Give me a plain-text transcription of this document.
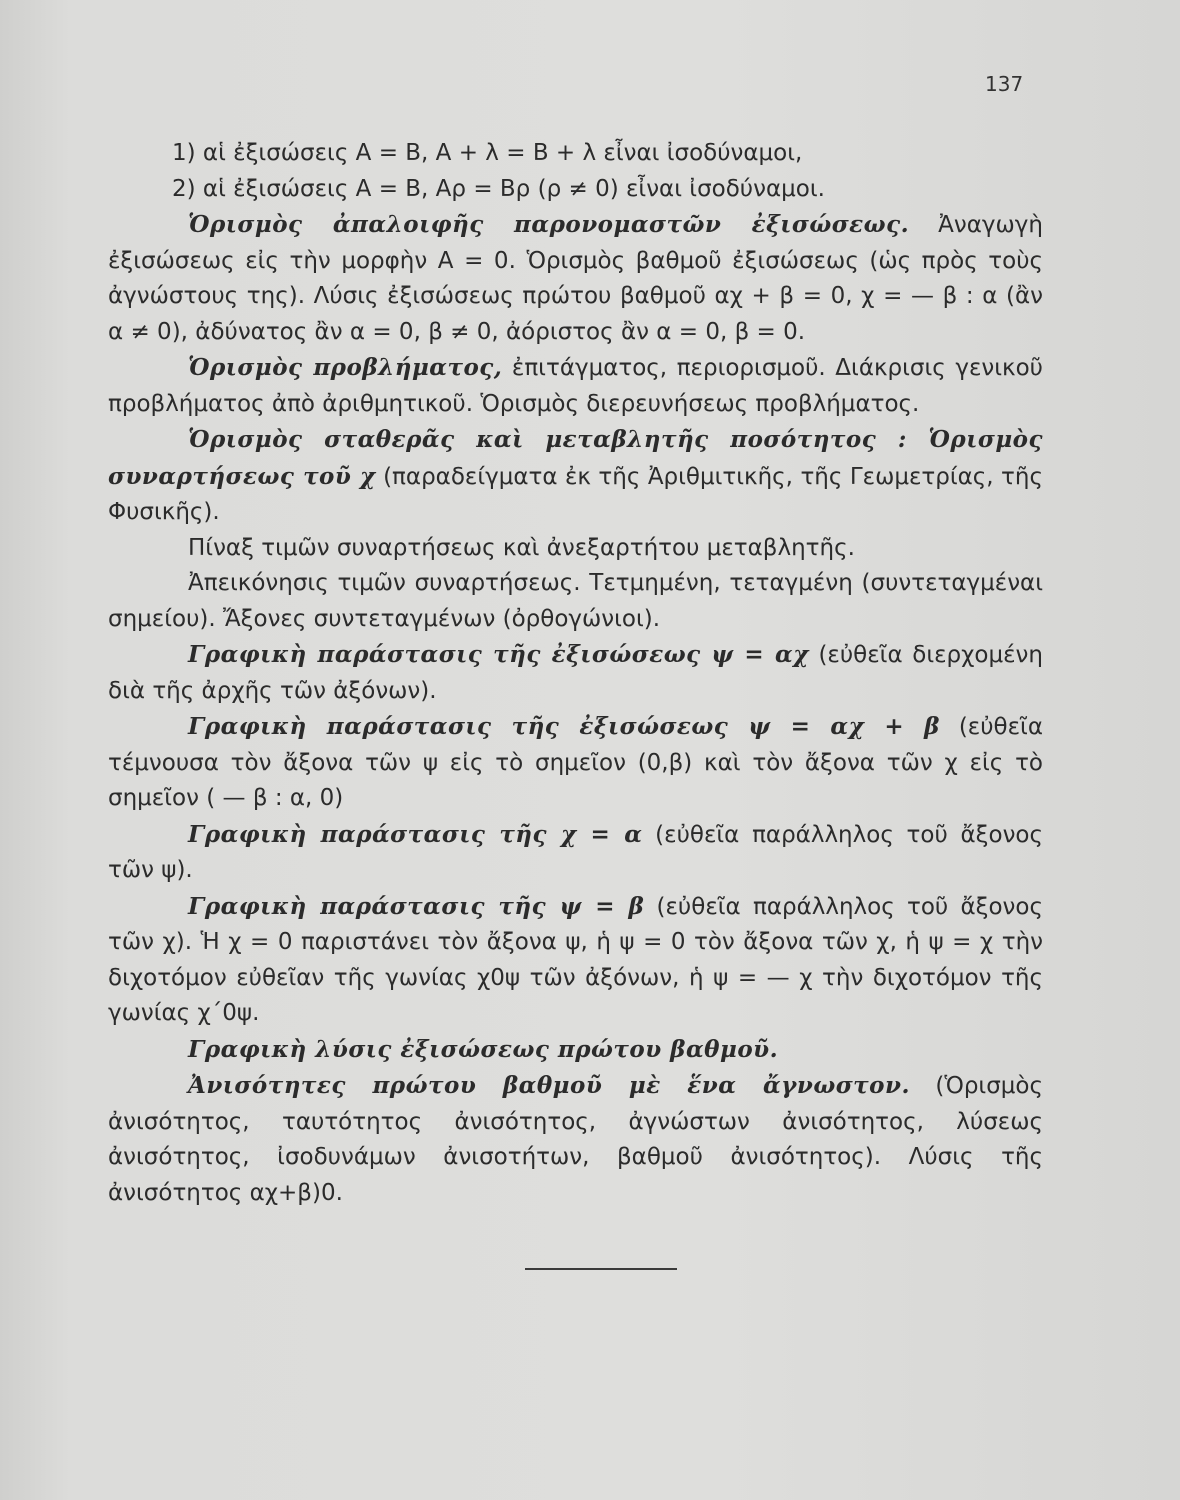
137

1) αἱ ἐξισώσεις Α = Β, Α + λ = Β + λ εἶναι ἰσοδύναμοι,

2) αἱ ἐξισώσεις Α = Β, Αρ = Βρ (ρ ≠ 0) εἶναι ἰσοδύναμοι.

Ὁρισμὸς ἀπαλοιφῆς παρονομαστῶν ἐξισώσεως. Ἀναγωγὴ ἐξισώσεως εἰς τὴν μορφὴν Α = 0. Ὁρισμὸς βαθμοῦ ἐξισώσεως (ὡς πρὸς τοὺς ἀγνώστους της). Λύσις ἐξισώσεως πρώτου βαθμοῦ αχ + β = 0, χ = — β : α (ἂν α ≠ 0), ἀδύνατος ἂν α = 0, β ≠ 0, ἀόριστος ἂν α = 0, β = 0.

Ὁρισμὸς προβλήματος, ἐπιτάγματος, περιορισμοῦ. Διάκρισις γενικοῦ προβλήματος ἀπὸ ἀριθμητικοῦ. Ὁρισμὸς διερευνήσεως προβλήματος.

Ὁρισμὸς σταθερᾶς καὶ μεταβλητῆς ποσότητος : Ὁρισμὸς συναρτήσεως τοῦ χ (παραδείγματα ἐκ τῆς Ἀριθμιτικῆς, τῆς Γεωμετρίας, τῆς Φυσικῆς).

Πίναξ τιμῶν συναρτήσεως καὶ ἀνεξαρτήτου μεταβλητῆς.

Ἀπεικόνησις τιμῶν συναρτήσεως. Τετμημένη, τεταγμένη (συντεταγμέναι σημείου). Ἄξονες συντεταγμένων (ὀρθογώνιοι).

Γραφικὴ παράστασις τῆς ἐξισώσεως ψ = αχ (εὐθεῖα διερχομένη διὰ τῆς ἀρχῆς τῶν ἀξόνων).

Γραφικὴ παράστασις τῆς ἐξισώσεως ψ = αχ + β (εὐθεῖα τέμνουσα τὸν ἄξονα τῶν ψ εἰς τὸ σημεῖον (0,β) καὶ τὸν ἄξονα τῶν χ εἰς τὸ σημεῖον ( — β : α, 0)

Γραφικὴ παράστασις τῆς χ = α (εὐθεῖα παράλληλος τοῦ ἄξονος τῶν ψ).

Γραφικὴ παράστασις τῆς ψ = β (εὐθεῖα παράλληλος τοῦ ἄξονος τῶν χ). Ἡ χ = 0 παριστάνει τὸν ἄξονα ψ, ἡ ψ = 0 τὸν ἄξονα τῶν χ, ἡ ψ = χ τὴν διχοτόμον εὐθεῖαν τῆς γωνίας χ0ψ τῶν ἀξόνων, ἡ ψ = — χ τὴν διχοτόμον τῆς γωνίας χ΄0ψ.

Γραφικὴ λύσις ἐξισώσεως πρώτου βαθμοῦ.

Ἀνισότητες πρώτου βαθμοῦ μὲ ἕνα ἄγνωστον. (Ὁρισμὸς ἀνισότητος, ταυτότητος ἀνισότητος, ἀγνώστων ἀνισότητος, λύσεως ἀνισότητος, ἰσοδυνάμων ἀνισοτήτων, βαθμοῦ ἀνισότητος). Λύσις τῆς ἀνισότητος αχ+β)0.
